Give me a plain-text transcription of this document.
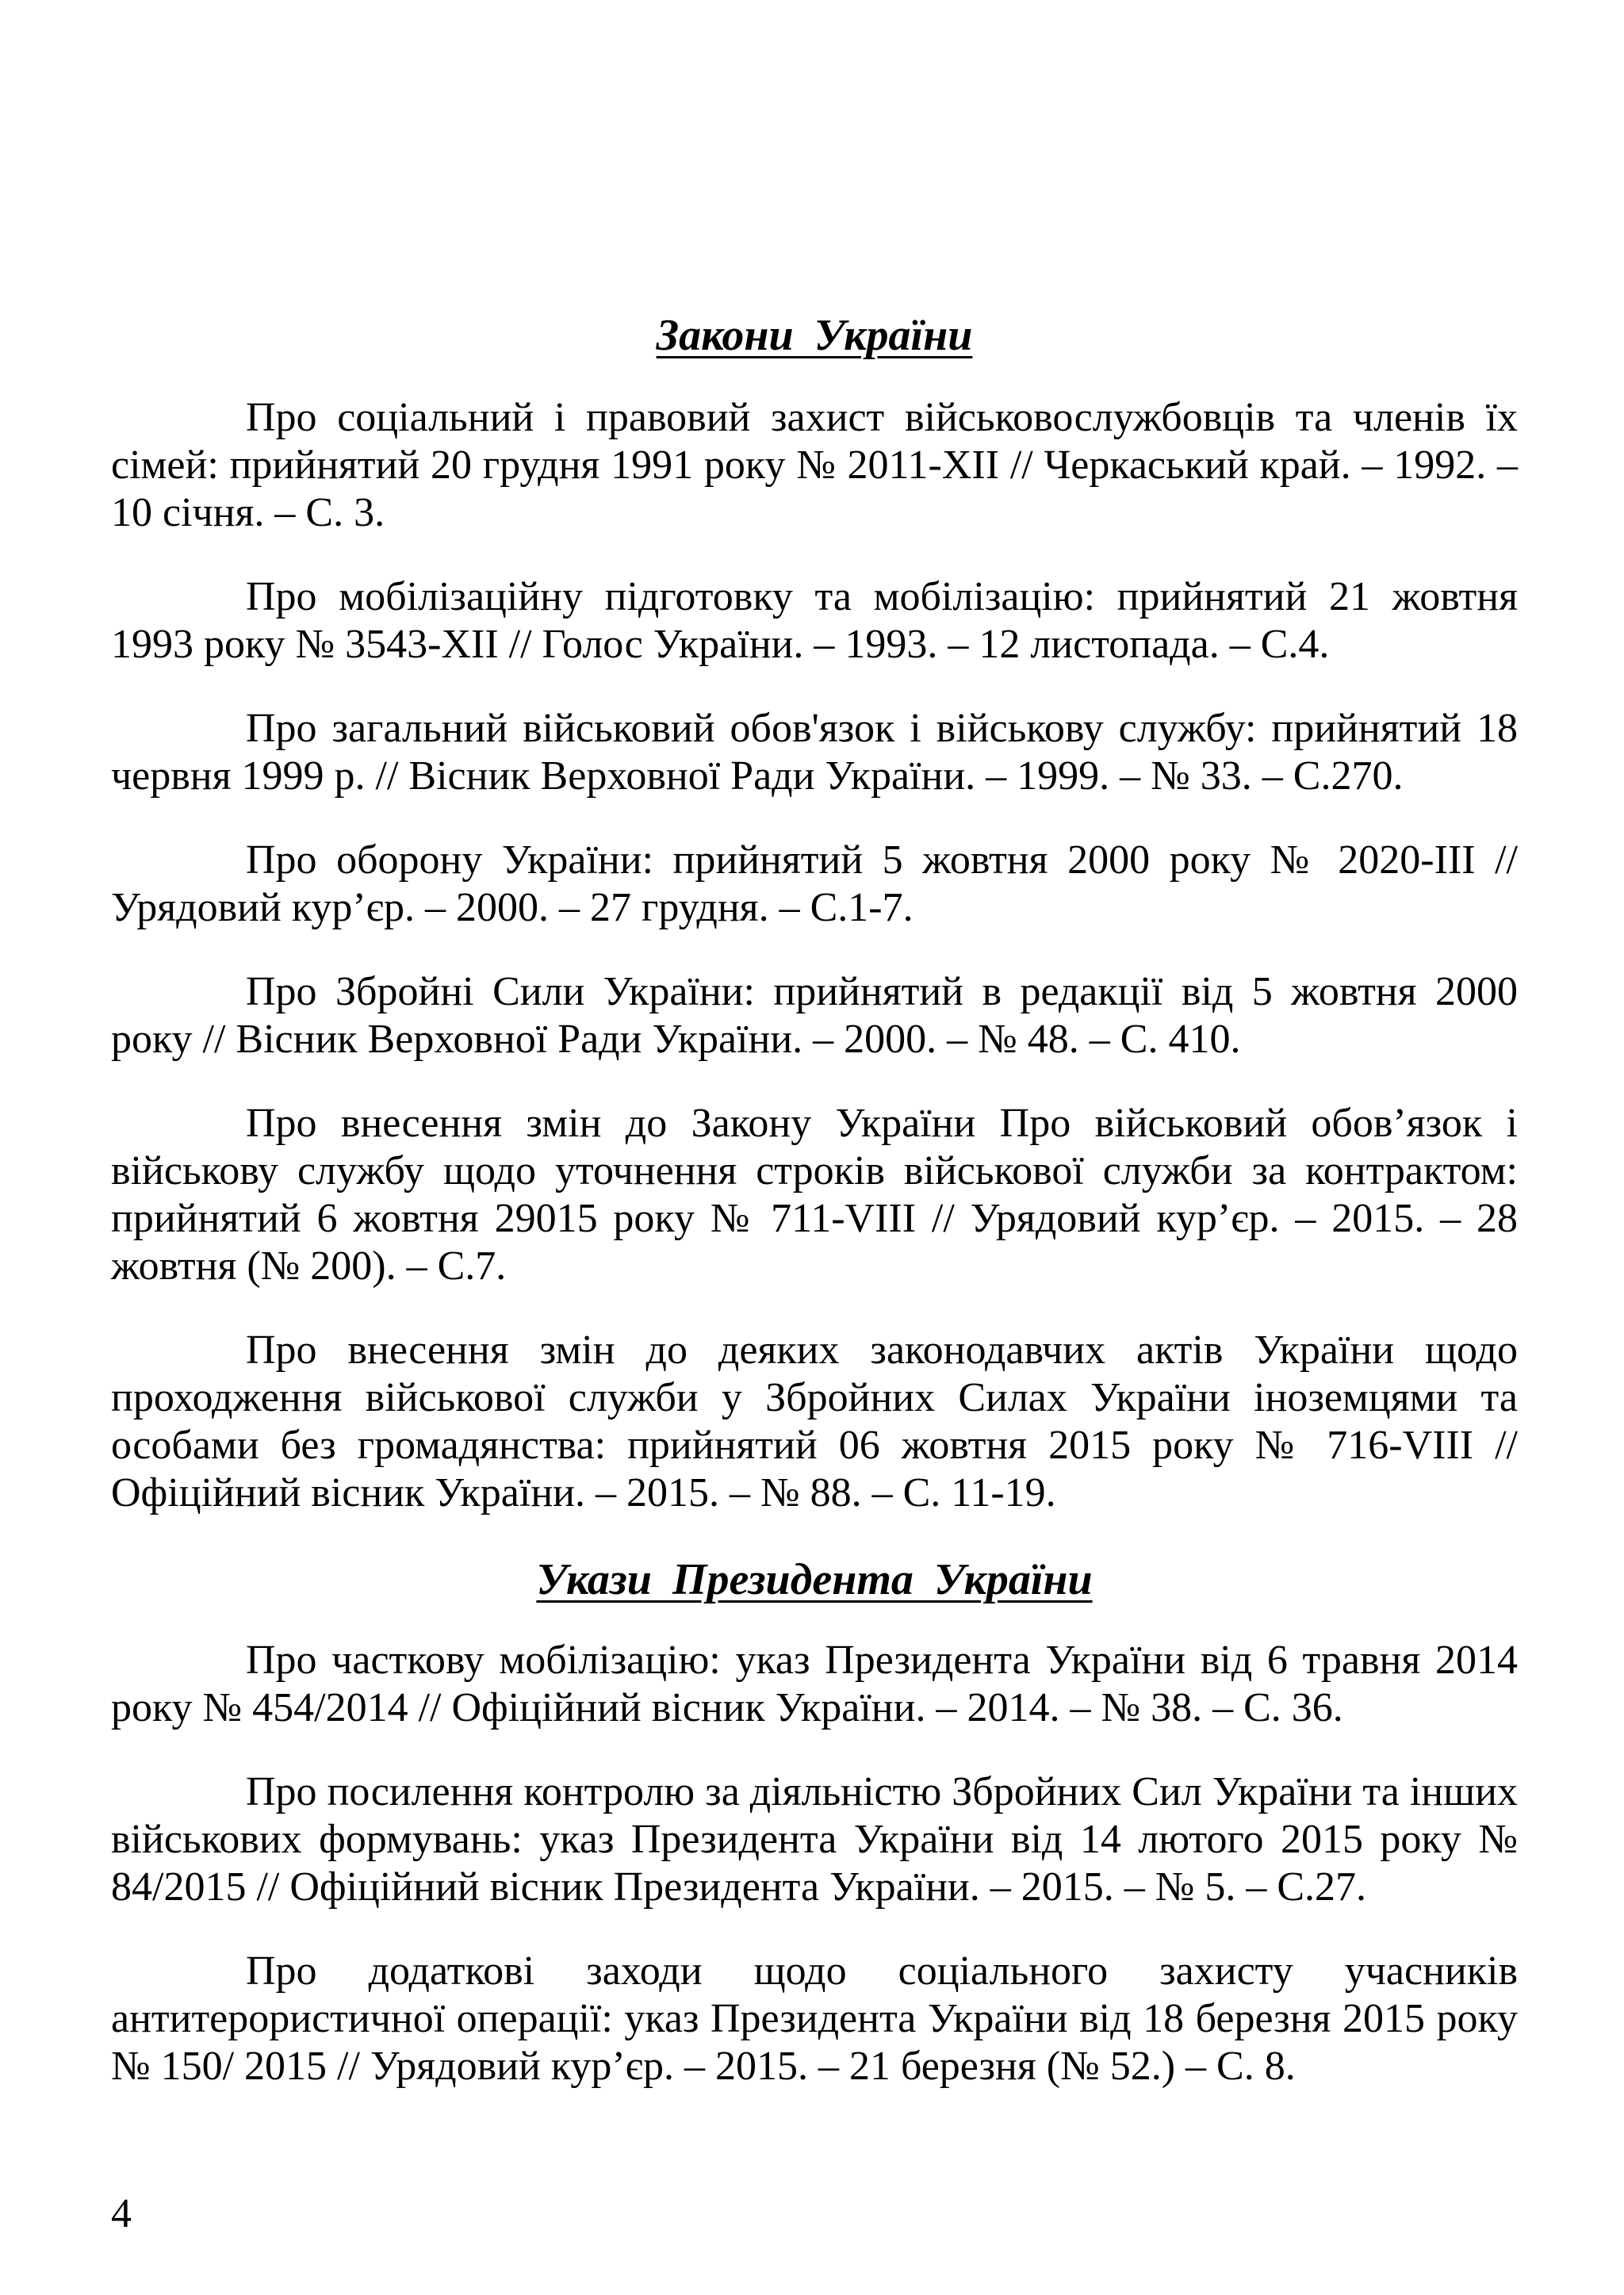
Закони України

Про соціальний і правовий захист військовослужбовців та членів їх сімей: прийнятий 20 грудня 1991 року № 2011-ХІІ // Черкаський край. – 1992. – 10 січня. – С. 3.

Про мобілізаційну підготовку та мобілізацію: прийнятий 21 жовтня 1993 року № 3543-ХІІ // Голос України. – 1993. – 12 листопада. – С.4.

Про загальний військовий обов'язок і військову службу: прийнятий 18 червня 1999 р. // Вісник Верховної Ради України. – 1999. – № 33. – С.270.

Про оборону України: прийнятий 5 жовтня 2000 року № 2020-ІІІ // Урядовий кур’єр. – 2000. – 27 грудня. – С.1-7.

Про Збройні Сили України: прийнятий в редакції від 5 жовтня 2000 року // Вісник Верховної Ради України. – 2000. – № 48. – С. 410.

Про внесення змін до Закону України Про військовий обов’язок і військову службу щодо уточнення строків військової служби за контрактом: прийнятий 6 жовтня 29015 року № 711-VIII // Урядовий кур’єр. – 2015. – 28 жовтня (№ 200). – С.7.

Про внесення змін до деяких законодавчих актів України щодо проходження військової служби у Збройних Силах України іноземцями та особами без громадянства: прийнятий 06 жовтня 2015 року № 716-VIII // Офіційний вісник України. – 2015. – № 88. – С. 11-19.

Укази Президента України

Про часткову мобілізацію: указ Президента України від 6 травня 2014 року № 454/2014 // Офіційний вісник України. – 2014. – № 38. – С. 36.

Про посилення контролю за діяльністю Збройних Сил України та інших військових формувань: указ Президента України від 14 лютого 2015 року № 84/2015 // Офіційний вісник Президента України. – 2015. – № 5. – С.27.

Про додаткові заходи щодо соціального захисту учасників антитерористичної операції: указ Президента України від 18 березня 2015 року № 150/ 2015 // Урядовий кур’єр. – 2015. – 21 березня (№ 52.) – С. 8.

4
